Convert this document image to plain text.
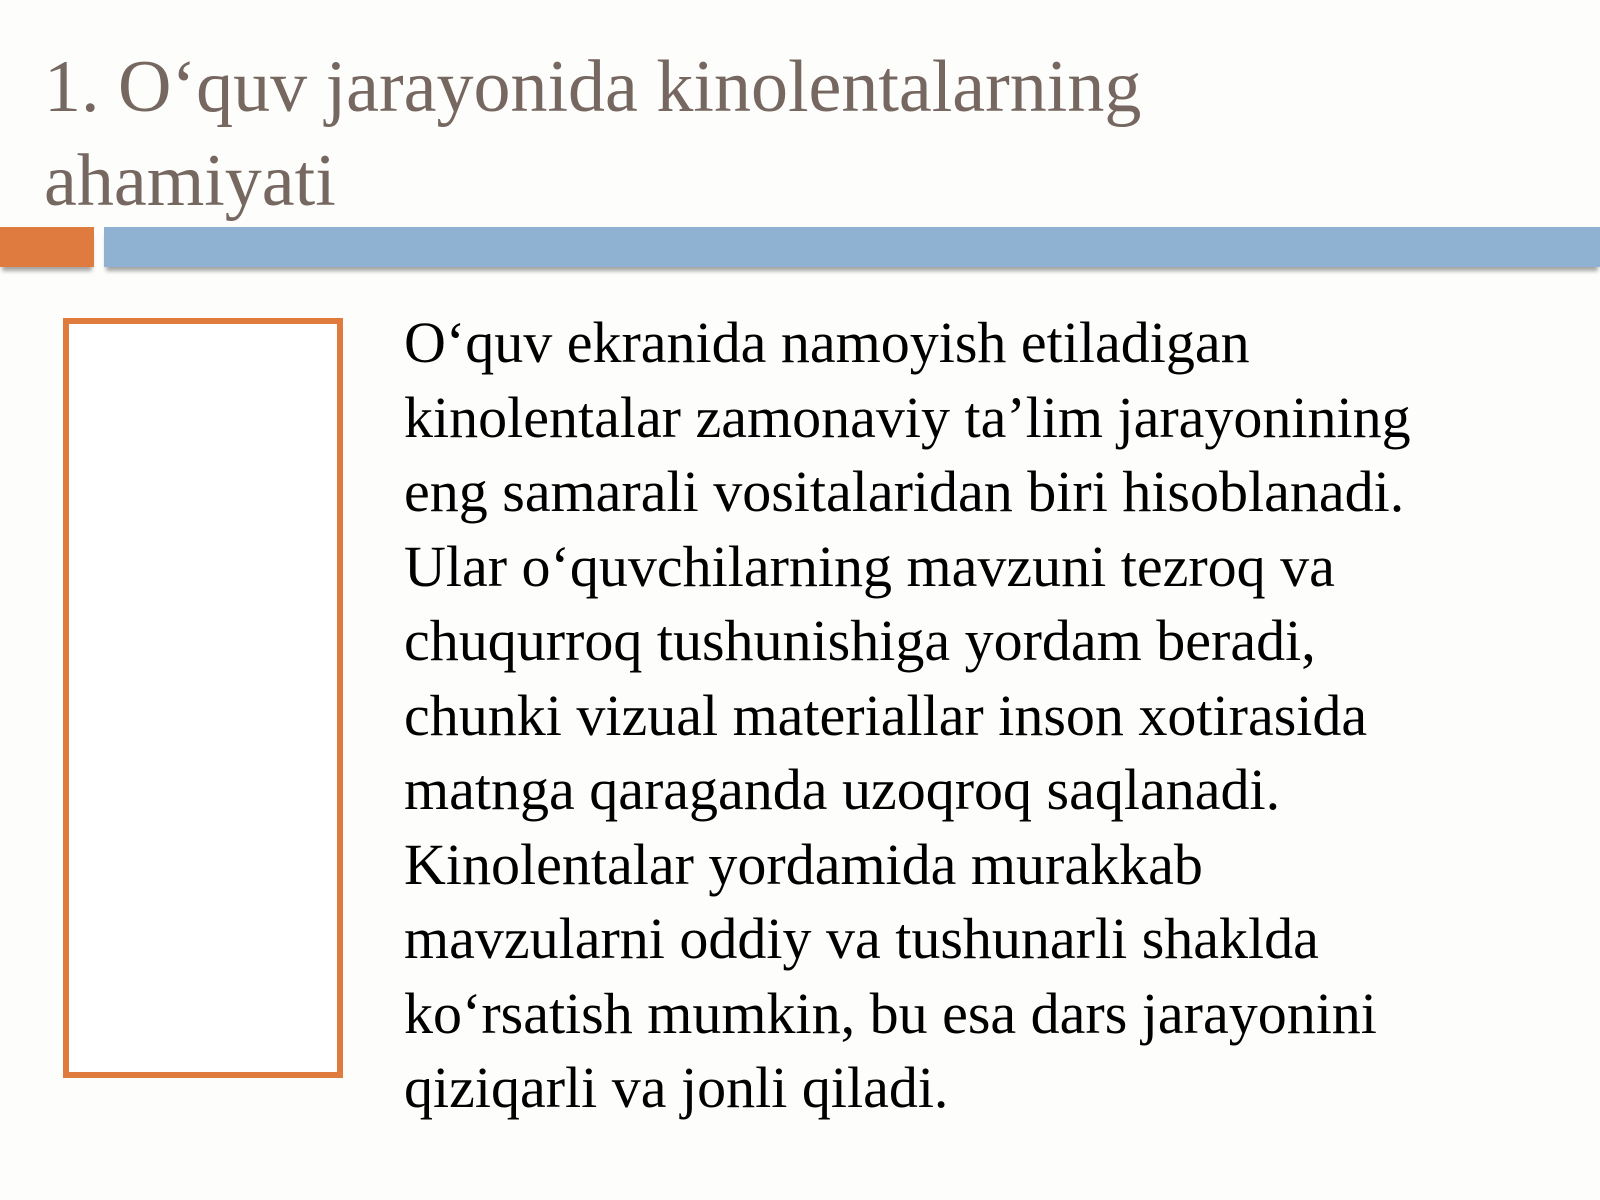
1. O‘quv jarayonida kinolentalarning
ahamiyati
O‘quv ekranida namoyish etiladigan
kinolentalar zamonaviy ta’lim jarayonining
eng samarali vositalaridan biri hisoblanadi.
Ular o‘quvchilarning mavzuni tezroq va
chuqurroq tushunishiga yordam beradi,
chunki vizual materiallar inson xotirasida
matnga qaraganda uzoqroq saqlanadi.
Kinolentalar yordamida murakkab
mavzularni oddiy va tushunarli shaklda
ko‘rsatish mumkin, bu esa dars jarayonini
qiziqarli va jonli qiladi.
